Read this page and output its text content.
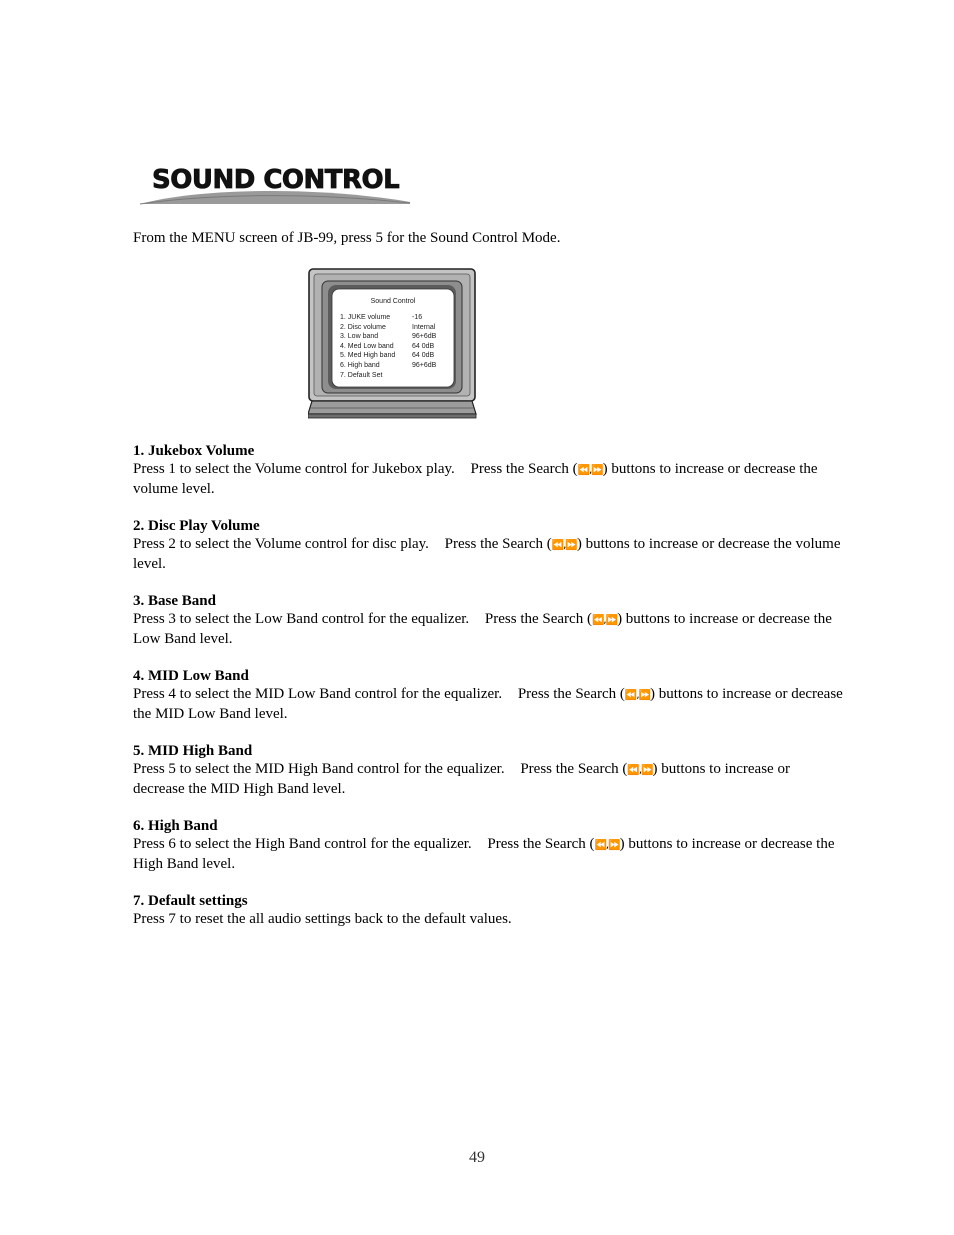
SOUND CONTROL
From the MENU screen of JB-99, press 5 for the Sound Control Mode.
Sound Control
1. JUKE volume	-16
2. Disc volume	Internal
3. Low band	96+6dB
4. Med Low band	64 0dB
5. Med High band 64 0dB
6. High band	96+6dB
7. Default Set
1. Jukebox Volume

Press 1 to select the Volume control for Jukebox play. Press the Search (⏪,⏩) buttons to increase or decrease the volume level.

2. Disc Play Volume

Press 2 to select the Volume control for disc play. Press the Search (⏪,⏩) buttons to increase or decrease the volume level.

3. Base Band

Press 3 to select the Low Band control for the equalizer. Press the Search (⏪,⏩) buttons to increase or decrease the Low Band level.

4. MID Low Band

Press 4 to select the MID Low Band control for the equalizer. Press the Search (⏪,⏩) buttons to increase or decrease the MID Low Band level.

5. MID High Band

Press 5 to select the MID High Band control for the equalizer. Press the Search (⏪,⏩) buttons to increase or decrease the MID High Band level.

6. High Band

Press 6 to select the High Band control for the equalizer. Press the Search (⏪,⏩) buttons to increase or decrease the High Band level.

7. Default settings

Press 7 to reset the all audio settings back to the default values.

49
